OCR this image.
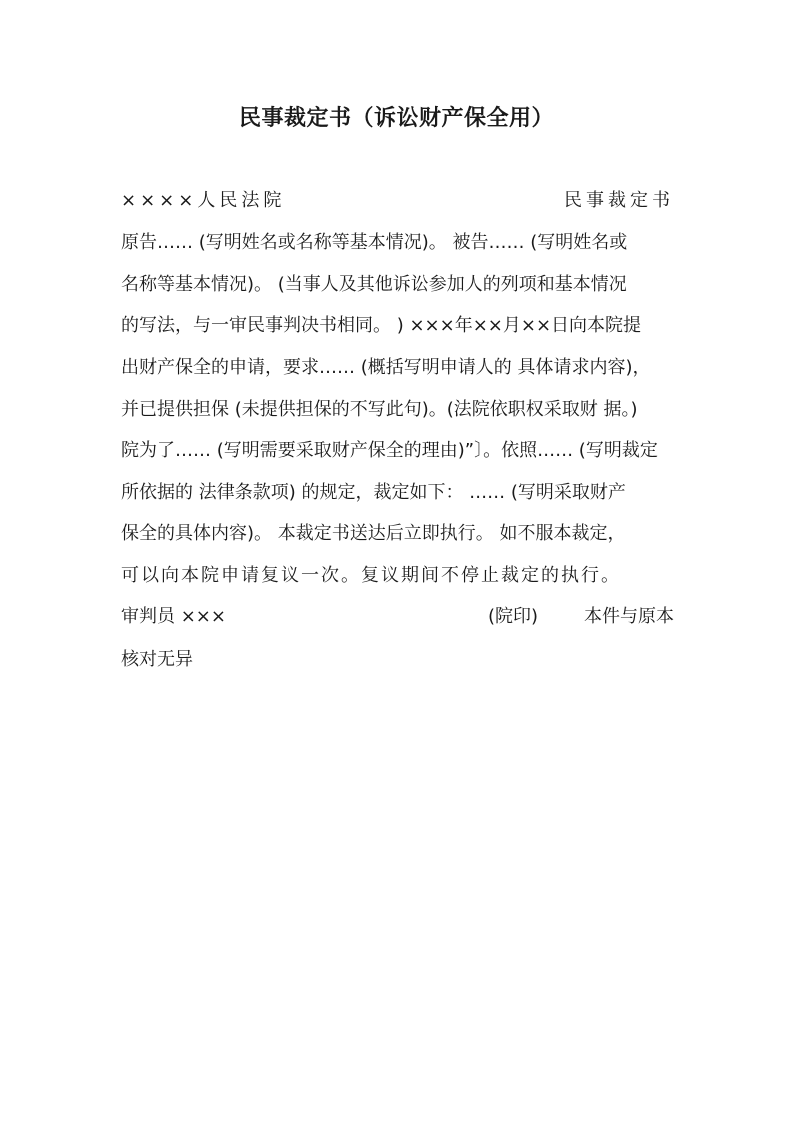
民事裁定书（诉讼财产保全用）
××××人民法院	民事裁定书
原告…… (写明姓名或名称等基本情况)。 被告…… (写明姓名或
名称等基本情况)。 (当事人及其他诉讼参加人的列项和基本情况
的写法，与一审民事判决书相同。 ) ×××年××月××日向本院提
出财产保全的申请，要求…… (概括写明申请人的 具体请求内容)，
并已提供担保 (未提供担保的不写此句)。(法院依职权采取财 据。)
院为了…… (写明需要采取财产保全的理由)”〕。依照…… (写明裁定
所依据的 法律条款项) 的规定，裁定如下： …… (写明采取财产
保全的具体内容)。 本裁定书送达后立即执行。 如不服本裁定，
可以向本院申请复议一次。复议期间不停止裁定的执行。
审判员 ×××	(院印)	本件与原本
核对无异
